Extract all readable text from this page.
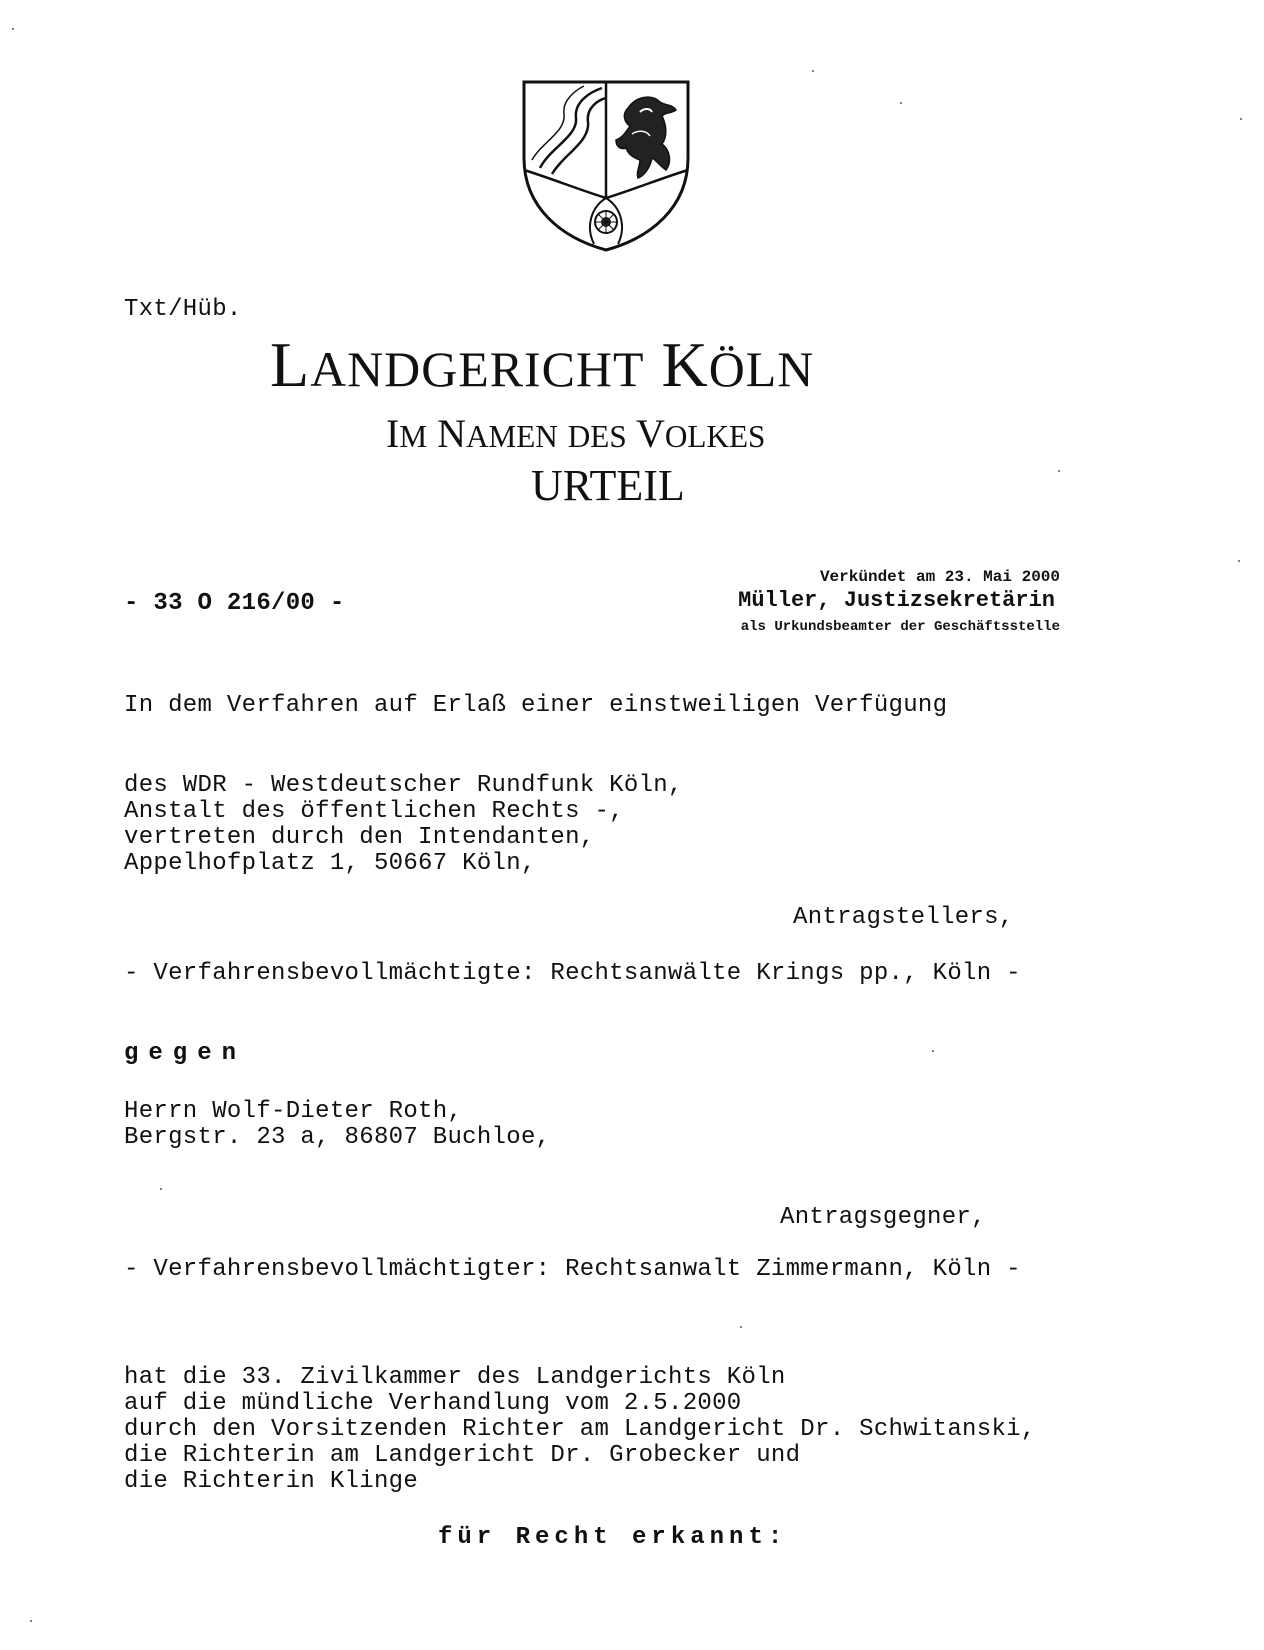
Txt/Hüb.
LANDGERICHT KÖLN
IM NAMEN DES VOLKES
URTEIL
- 33 O 216/00 -
Verkündet am 23. Mai 2000
Müller, Justizsekretärin
als Urkundsbeamter der Geschäftsstelle
In dem Verfahren auf Erlaß einer einstweiligen Verfügung
des WDR - Westdeutscher Rundfunk Köln,
Anstalt des öffentlichen Rechts -,
vertreten durch den Intendanten,
Appelhofplatz 1, 50667 Köln,
Antragstellers,
- Verfahrensbevollmächtigte: Rechtsanwälte Krings pp., Köln -
gegen
Herrn Wolf-Dieter Roth,
Bergstr. 23 a, 86807 Buchloe,
Antragsgegner,
- Verfahrensbevollmächtigter: Rechtsanwalt Zimmermann, Köln -
hat die 33. Zivilkammer des Landgerichts Köln
auf die mündliche Verhandlung vom 2.5.2000
durch den Vorsitzenden Richter am Landgericht Dr. Schwitanski,
die Richterin am Landgericht Dr. Grobecker und
die Richterin Klinge
für Recht erkannt:
